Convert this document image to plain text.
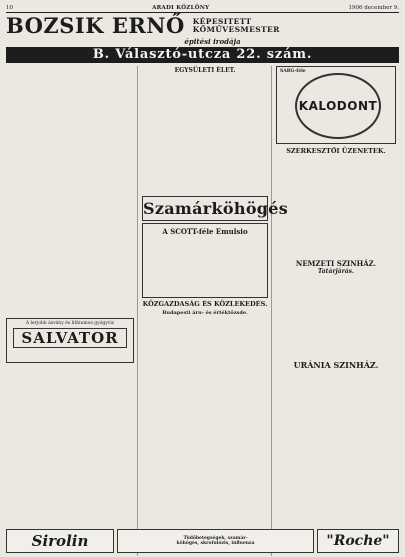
10	ARADI KÖZLÖNY	1906 december 9.
BOZSIK ERNŐ KÉPESITETT
KŐMŰVESMESTER
épitési irodája
B. Választó-utcza 22. szám.
A lerjobb ásvány és lithiumos gyógyviz
SALVATOR
EGYSÜLETI ÉLET.
Szamárköhögés
A SCOTT-féle Emulsio
KÖZGAZDASÁG ÉS KÖZLEKEDÉS.
Budapesti áru- és értéktőzsde.
SARG-féle
KALODONT
SZERKESZTŐI ÜZENETEK.
NEMZETI SZINHÁZ.
Tatárjárás.
URÁNIA SZINHÁZ.
Sirolin	Tüdőbetegségek, szamár-
köhögés, skrofulózis, influenza	"Roche"
